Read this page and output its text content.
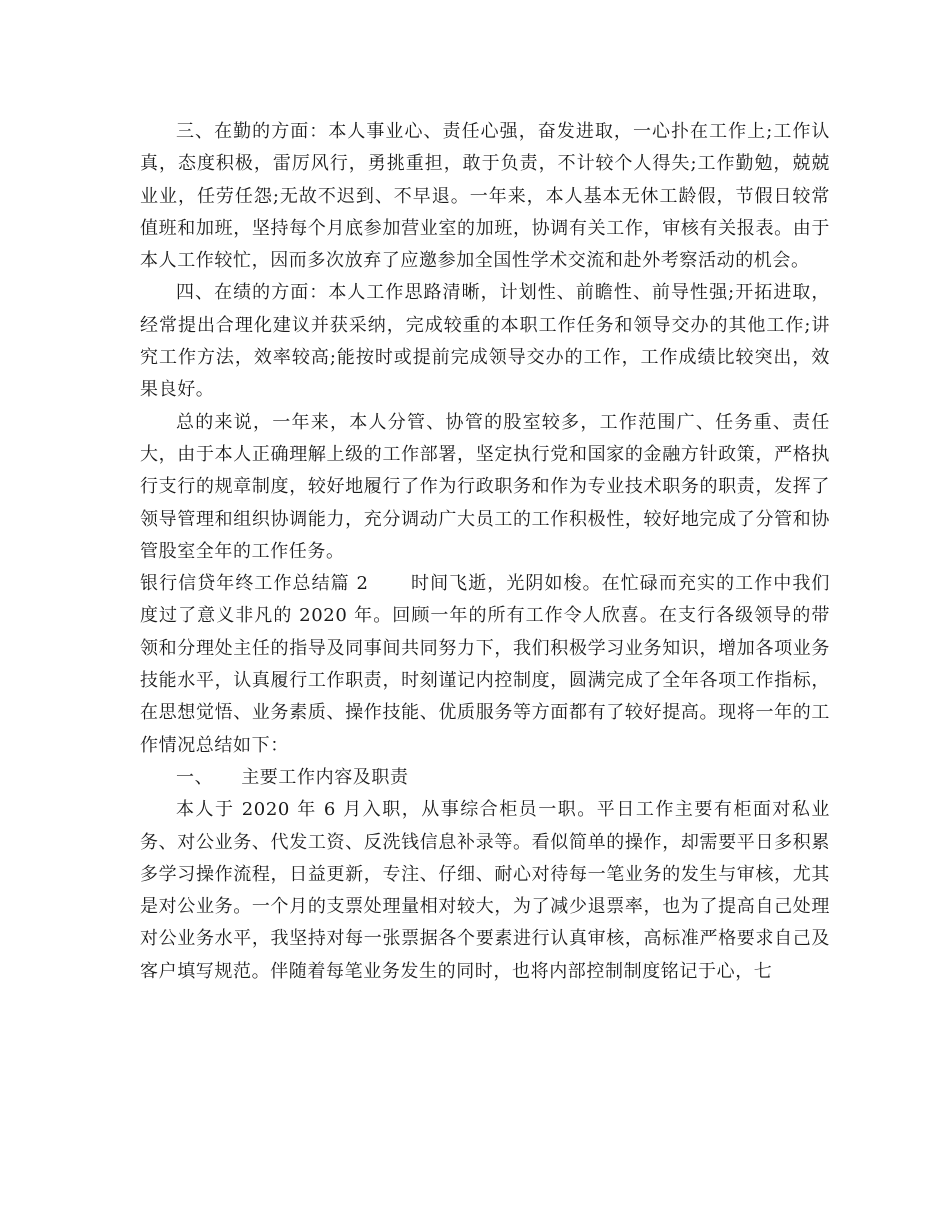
三、在勤的方面：本人事业心、责任心强，奋发进取，一心扑在工作上;工作认真，态度积极，雷厉风行，勇挑重担，敢于负责，不计较个人得失;工作勤勉，兢兢业业，任劳任怨;无故不迟到、不早退。一年来，本人基本无休工龄假，节假日较常值班和加班，坚持每个月底参加营业室的加班，协调有关工作，审核有关报表。由于本人工作较忙，因而多次放弃了应邀参加全国性学术交流和赴外考察活动的机会。

四、在绩的方面：本人工作思路清晰，计划性、前瞻性、前导性强;开拓进取，经常提出合理化建议并获采纳，完成较重的本职工作任务和领导交办的其他工作;讲究工作方法，效率较高;能按时或提前完成领导交办的工作，工作成绩比较突出，效果良好。

总的来说，一年来，本人分管、协管的股室较多，工作范围广、任务重、责任大，由于本人正确理解上级的工作部署，坚定执行党和国家的金融方针政策，严格执行支行的规章制度，较好地履行了作为行政职务和作为专业技术职务的职责，发挥了领导管理和组织协调能力，充分调动广大员工的工作积极性，较好地完成了分管和协管股室全年的工作任务。

银行信贷年终工作总结篇 2 时间飞逝，光阴如梭。在忙碌而充实的工作中我们度过了意义非凡的 2020 年。回顾一年的所有工作令人欣喜。在支行各级领导的带领和分理处主任的指导及同事间共同努力下，我们积极学习业务知识，增加各项业务技能水平，认真履行工作职责，时刻谨记内控制度，圆满完成了全年各项工作指标，在思想觉悟、业务素质、操作技能、优质服务等方面都有了较好提高。现将一年的工作情况总结如下：

一、 主要工作内容及职责

本人于 2020 年 6 月入职，从事综合柜员一职。平日工作主要有柜面对私业务、对公业务、代发工资、反洗钱信息补录等。看似简单的操作，却需要平日多积累多学习操作流程，日益更新，专注、仔细、耐心对待每一笔业务的发生与审核，尤其是对公业务。一个月的支票处理量相对较大，为了减少退票率，也为了提高自己处理对公业务水平，我坚持对每一张票据各个要素进行认真审核，高标准严格要求自己及客户填写规范。伴随着每笔业务发生的同时，也将内部控制制度铭记于心，七
